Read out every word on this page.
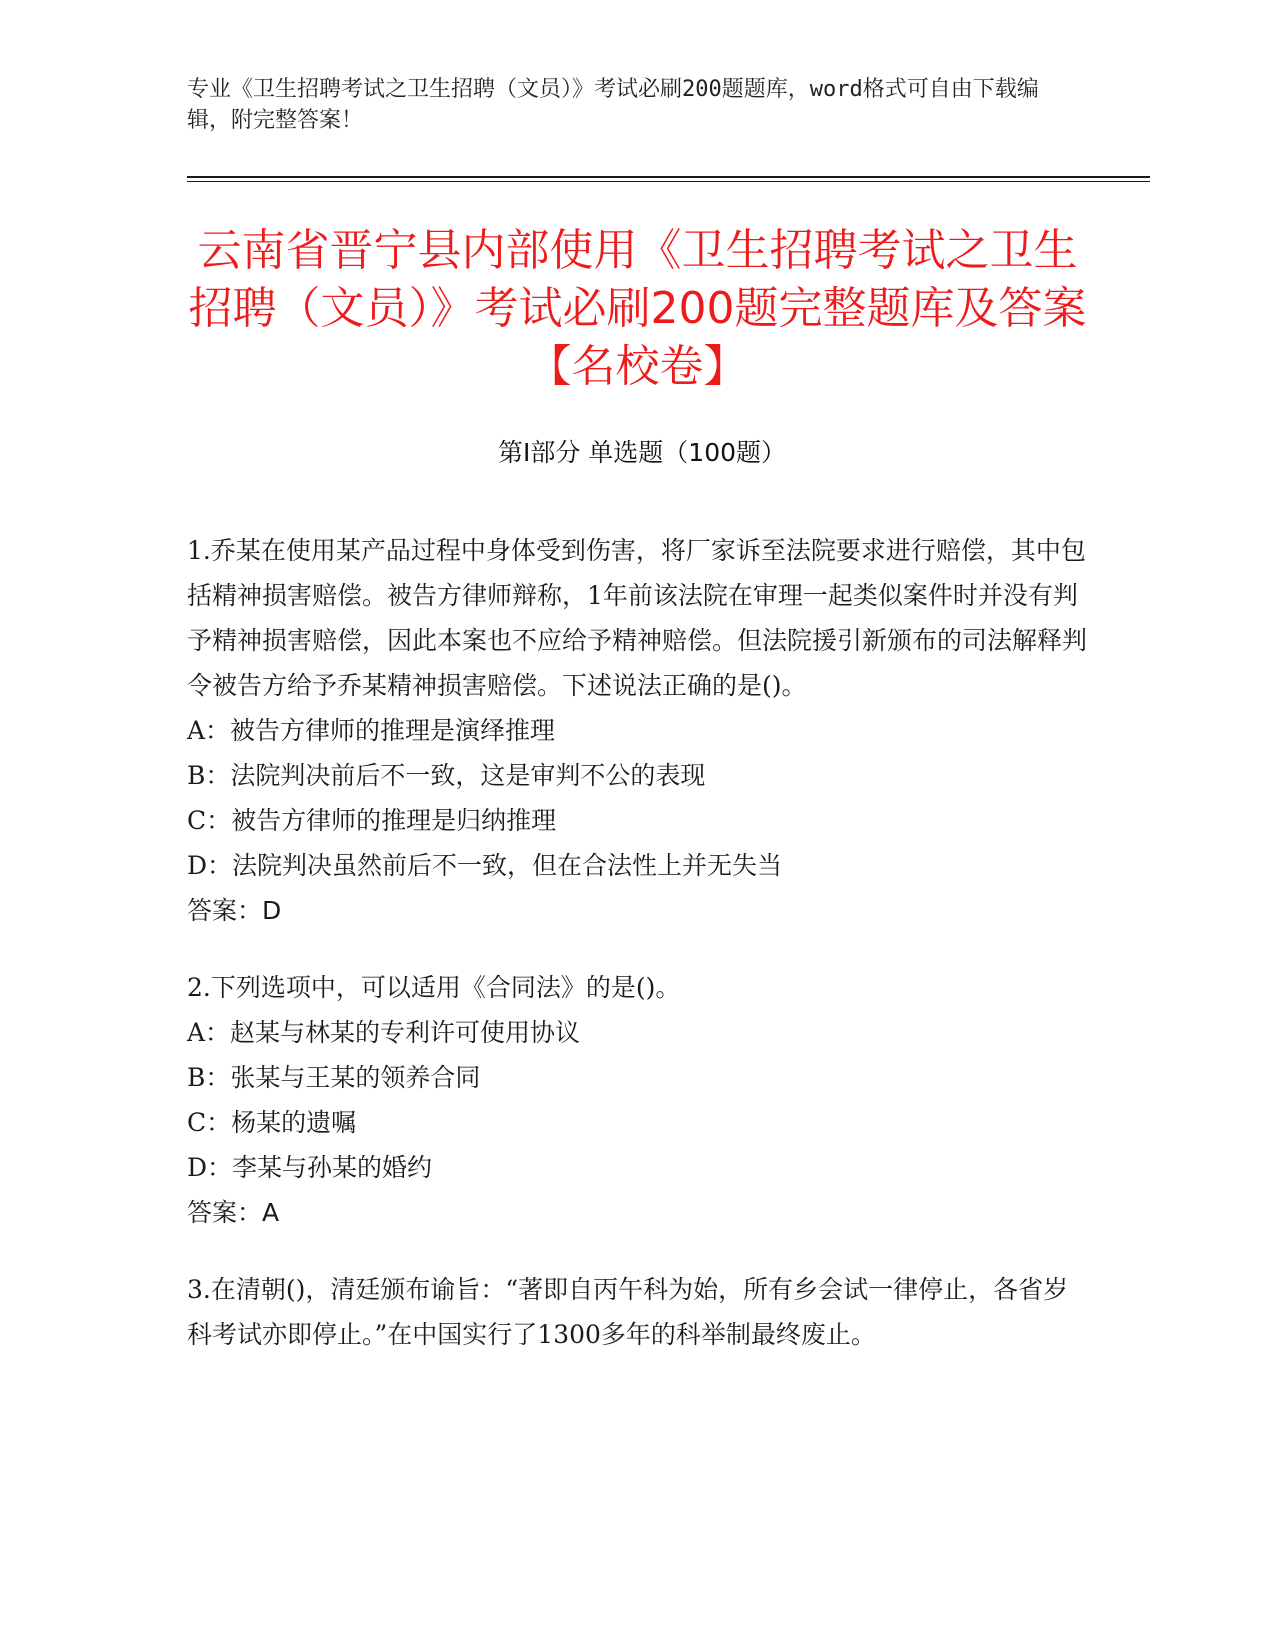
专业《卫生招聘考试之卫生招聘（文员）》考试必刷200题题库，word格式可自由下载编辑，附完整答案！
云南省晋宁县内部使用《卫生招聘考试之卫生招聘（文员）》考试必刷200题完整题库及答案【名校卷】
第Ⅰ部分 单选题（100题）

1.乔某在使用某产品过程中身体受到伤害，将厂家诉至法院要求进行赔偿，其中包括精神损害赔偿。被告方律师辩称，1年前该法院在审理一起类似案件时并没有判予精神损害赔偿，因此本案也不应给予精神赔偿。但法院援引新颁布的司法解释判令被告方给予乔某精神损害赔偿。下述说法正确的是()。

A：被告方律师的推理是演绎推理

B：法院判决前后不一致，这是审判不公的表现

C：被告方律师的推理是归纳推理

D：法院判决虽然前后不一致，但在合法性上并无失当

答案：D

2.下列选项中，可以适用《合同法》的是()。

A：赵某与林某的专利许可使用协议

B：张某与王某的领养合同

C：杨某的遗嘱

D：李某与孙某的婚约

答案：A

3.在清朝()，清廷颁布谕旨：“著即自丙午科为始，所有乡会试一律停止，各省岁科考试亦即停止。”在中国实行了1300多年的科举制最终废止。
